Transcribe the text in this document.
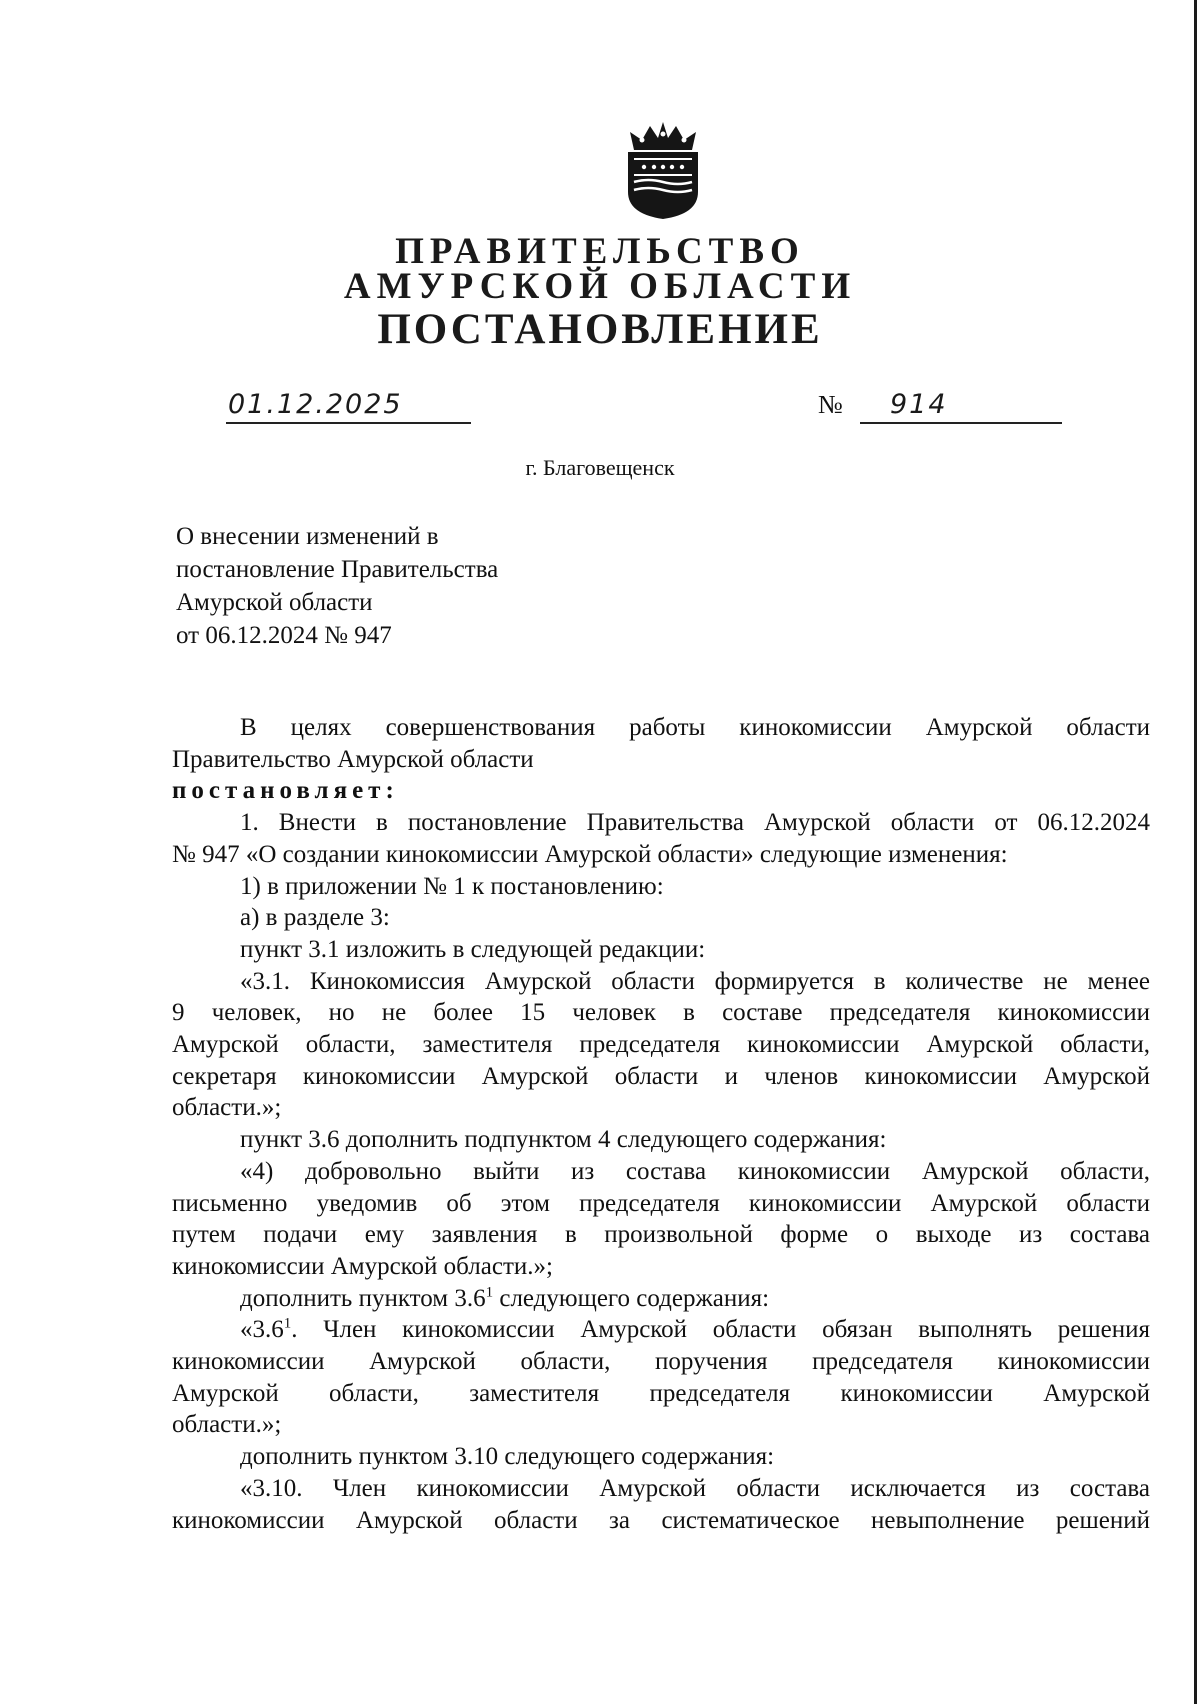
ПРАВИТЕЛЬСТВО
АМУРСКОЙ ОБЛАСТИ
ПОСТАНОВЛЕНИЕ
01.12.2025	№ 914
г. Благовещенск
О внесении изменений в
постановление Правительства
Амурской области
от 06.12.2024 № 947

В целях совершенствования работы кинокомиссии Амурской области

Правительство Амурской области

постановляет:

1. Внести в постановление Правительства Амурской области от 06.12.2024

№ 947 «О создании кинокомиссии Амурской области» следующие изменения:

1) в приложении № 1 к постановлению:

а) в разделе 3:

пункт 3.1 изложить в следующей редакции:

«3.1. Кинокомиссия Амурской области формируется в количестве не менее

9 человек, но не более 15 человек в составе председателя кинокомиссии

Амурской области, заместителя председателя кинокомиссии Амурской области,

секретаря кинокомиссии Амурской области и членов кинокомиссии Амурской

области.»;

пункт 3.6 дополнить подпунктом 4 следующего содержания:

«4) добровольно выйти из состава кинокомиссии Амурской области,

письменно уведомив об этом председателя кинокомиссии Амурской области

путем подачи ему заявления в произвольной форме о выходе из состава

кинокомиссии Амурской области.»;

дополнить пунктом $3.6^1$ следующего содержания:

«$3.6^1$. Член кинокомиссии Амурской области обязан выполнять решения

кинокомиссии Амурской области, поручения председателя кинокомиссии

Амурской области, заместителя председателя кинокомиссии Амурской

области.»;

дополнить пунктом 3.10 следующего содержания:

«3.10. Член кинокомиссии Амурской области исключается из состава

кинокомиссии Амурской области за систематическое невыполнение решений
